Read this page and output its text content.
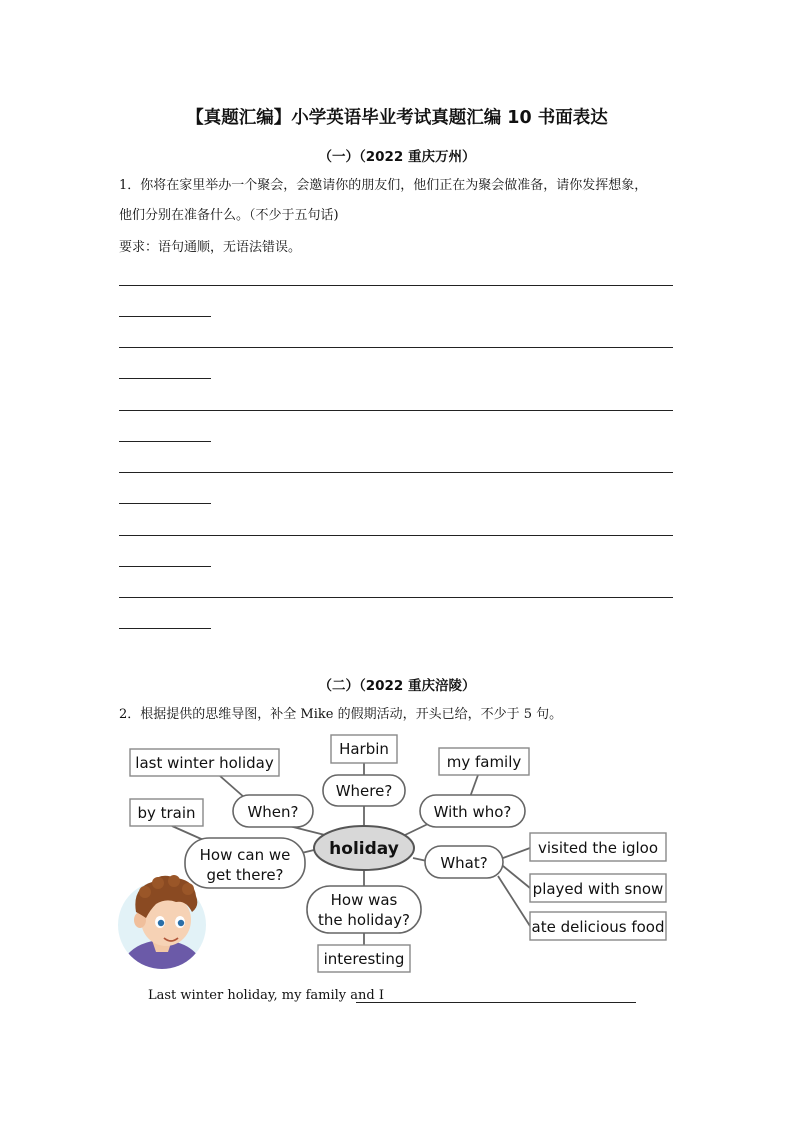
【真题汇编】小学英语毕业考试真题汇编 10 书面表达
（一）（2022 重庆万州）
1．你将在家里举办一个聚会，会邀请你的朋友们，他们正在为聚会做准备，请你发挥想象，
他们分别在准备什么。（不少于五句话)
要求：语句通顺，无语法错误。
（二）（2022 重庆涪陵）
2．根据提供的思维导图，补全 Mike 的假期活动，开头已给，不少于 5 句。
last winter holiday
Harbin
my family
by train
interesting
visited the igloo
played with snow
ate delicious food
When?
Where?
With who?
How can we
get there?
How was
the holiday?
What?
holiday
Last winter holiday, my family and I
